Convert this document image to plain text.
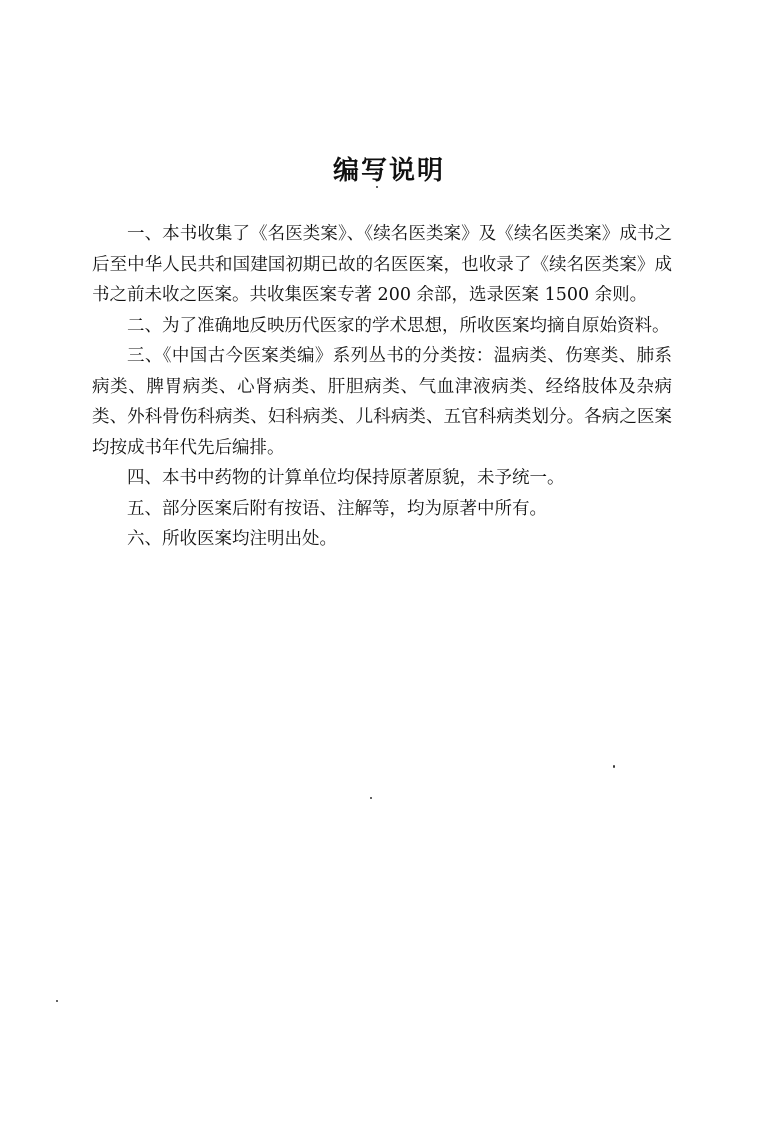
编写说明

一、本书收集了《名医类案》、《续名医类案》及《续名医类案》成书之后至中华人民共和国建国初期已故的名医医案，也收录了《续名医类案》成书之前未收之医案。共收集医案专著 200 余部，选录医案 1500 余则。

二、为了准确地反映历代医家的学术思想，所收医案均摘自原始资料。

三、《中国古今医案类编》系列丛书的分类按：温病类、伤寒类、肺系病类、脾胃病类、心肾病类、肝胆病类、气血津液病类、经络肢体及杂病类、外科骨伤科病类、妇科病类、儿科病类、五官科病类划分。各病之医案均按成书年代先后编排。

四、本书中药物的计算单位均保持原著原貌，未予统一。

五、部分医案后附有按语、注解等，均为原著中所有。

六、所收医案均注明出处。
